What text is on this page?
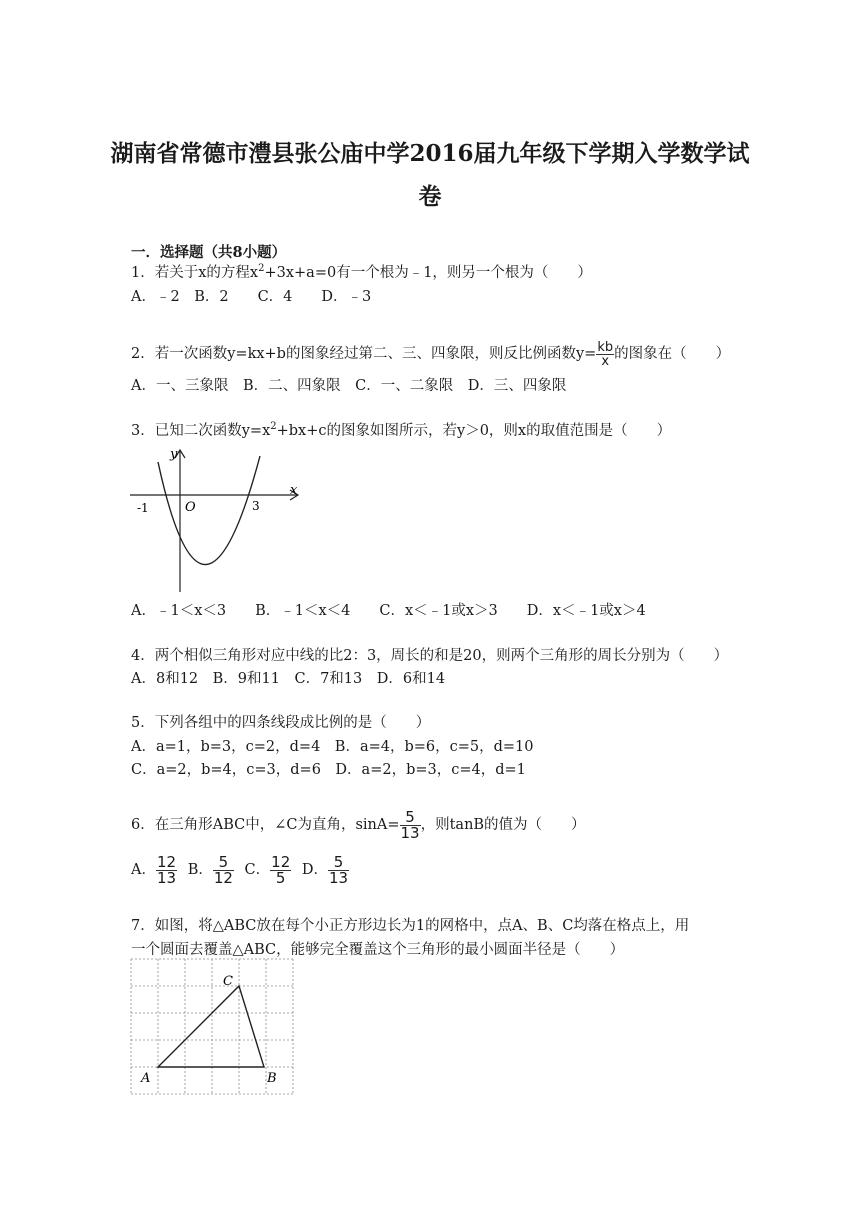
湖南省常德市澧县张公庙中学2016届九年级下学期入学数学试
卷
一．选择题（共8小题）
1．若关于x的方程$x^2+3x+a=0$有一个根为﹣1，则另一个根为（　　）
A．﹣2　B．2　　C．4　　D．﹣3
2．若一次函数y=kx+b的图象经过第二、三、四象限，则反比例函数$y= \frac{kb}{x}$ 的图象在（　　）
A．一、三象限　B．二、四象限　C．一、二象限　D．三、四象限
3．已知二次函数$y=x^2+bx+c$的图象如图所示，若y＞0，则x的取值范围是（　　）
y
x
O
-1	3
A．﹣1＜x＜3　　B．﹣1＜x＜4　　C．x＜﹣1或x＞3　　D．x＜﹣1或x＞4
4．两个相似三角形对应中线的比2：3，周长的和是20，则两个三角形的周长分别为（　　）
A．8和12　B．9和11　C．7和13　D．6和14
5．下列各组中的四条线段成比例的是（　　）
A．a=1，b=3，c=2，d=4　B．a=4，b=6，c=5，d=10
C．a=2，b=4，c=3，d=6　D．a=2，b=3，c=4，d=1
6．在三角形ABC中，∠C为直角，$\sin A= \frac{5}{13}$ ，则tanB的值为（　　）
A． $\frac{12}{13}$ B． $\frac{5}{12}$ C． $\frac{12}{5}$ D． $\frac{5}{13}$
7．如图，将△ABC放在每个小正方形边长为1的网格中，点A、B、C均落在格点上，用
一个圆面去覆盖△ABC，能够完全覆盖这个三角形的最小圆面半径是（　　）
A	B
C
